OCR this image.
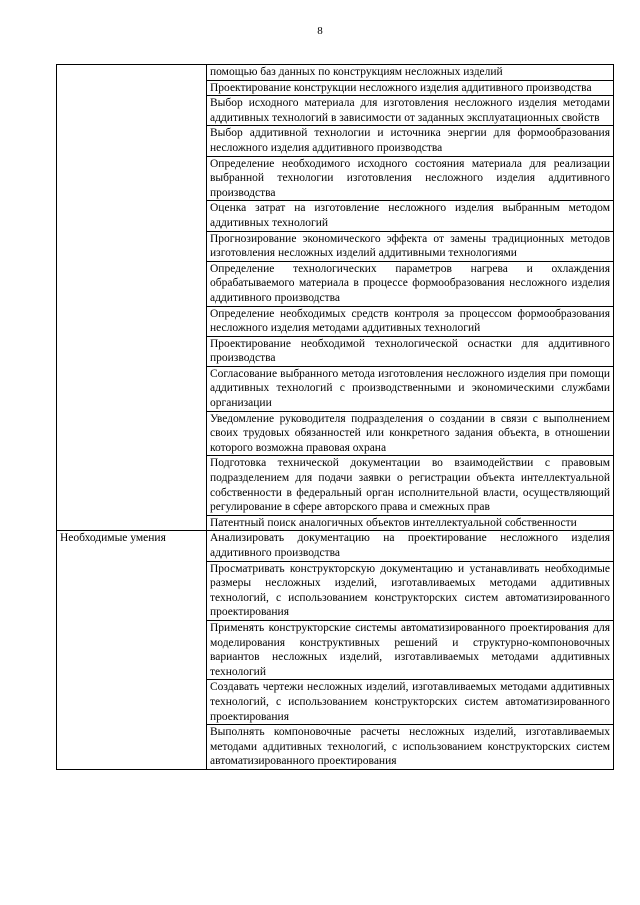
8
	помощью баз данных по конструкциям несложных изделий
	Проектирование конструкции несложного изделия аддитивного производства
	Выбор исходного материала для изготовления несложного изделия методами аддитивных технологий в зависимости от заданных эксплуатационных свойств
	Выбор аддитивной технологии и источника энергии для формообразования несложного изделия аддитивного производства
	Определение необходимого исходного состояния материала для реализации выбранной технологии изготовления несложного изделия аддитивного производства
	Оценка затрат на изготовление несложного изделия выбранным методом аддитивных технологий
	Прогнозирование экономического эффекта от замены традиционных методов изготовления несложных изделий аддитивными технологиями
	Определение технологических параметров нагрева и охлаждения обрабатываемого материала в процессе формообразования несложного изделия аддитивного производства
	Определение необходимых средств контроля за процессом формообразования несложного изделия методами аддитивных технологий
	Проектирование необходимой технологической оснастки для аддитивного производства
	Согласование выбранного метода изготовления несложного изделия при помощи аддитивных технологий с производственными и экономическими службами организации
	Уведомление руководителя подразделения о создании в связи с выполнением своих трудовых обязанностей или конкретного задания объекта, в отношении которого возможна правовая охрана
	Подготовка технической документации во взаимодействии с правовым подразделением для подачи заявки о регистрации объекта интеллектуальной собственности в федеральный орган исполнительной власти, осуществляющий регулирование в сфере авторского права и смежных прав
	Патентный поиск аналогичных объектов интеллектуальной собственности
Необходимые умения	Анализировать документацию на проектирование несложного изделия аддитивного производства
	Просматривать конструкторскую документацию и устанавливать необходимые размеры несложных изделий, изготавливаемых методами аддитивных технологий, с использованием конструкторских систем автоматизированного проектирования
	Применять конструкторские системы автоматизированного проектирования для моделирования конструктивных решений и структурно-компоновочных вариантов несложных изделий, изготавливаемых методами аддитивных технологий
	Создавать чертежи несложных изделий, изготавливаемых методами аддитивных технологий, с использованием конструкторских систем автоматизированного проектирования
	Выполнять компоновочные расчеты несложных изделий, изготавливаемых методами аддитивных технологий, с использованием конструкторских систем автоматизированного проектирования
